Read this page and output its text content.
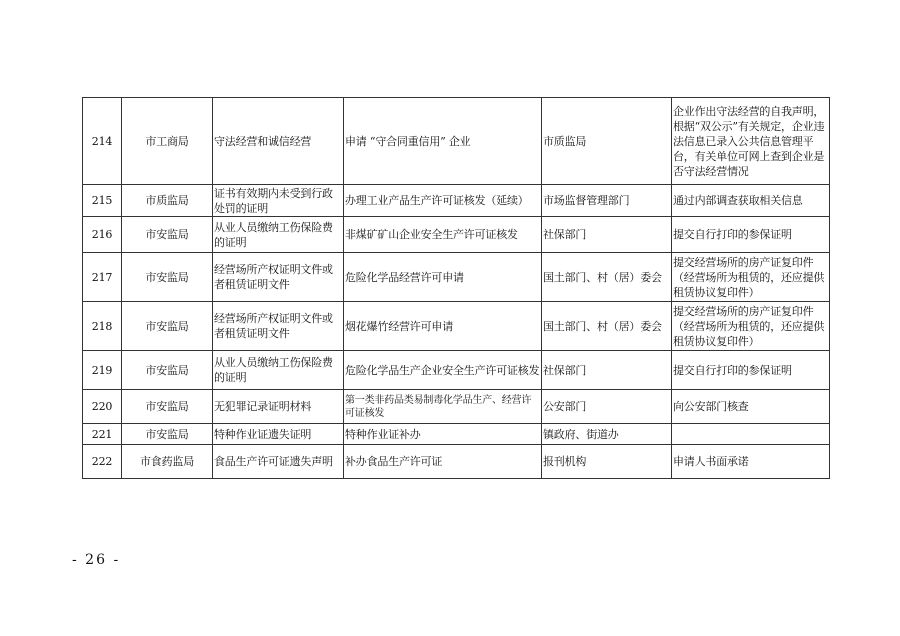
214	市工商局	守法经营和诚信经营	申请 “守合同重信用” 企业	市质监局	企业作出守法经营的自我声明，根据“双公示”有关规定，企业违法信息已录入公共信息管理平台，有关单位可网上查到企业是否守法经营情况
215	市质监局	证书有效期内未受到行政处罚的证明	办理工业产品生产许可证核发（延续）	市场监督管理部门	通过内部调查获取相关信息
216	市安监局	从业人员缴纳工伤保险费的证明	非煤矿矿山企业安全生产许可证核发	社保部门	提交自行打印的参保证明
217	市安监局	经营场所产权证明文件或者租赁证明文件	危险化学品经营许可申请	国土部门、村（居）委会	提交经营场所的房产证复印件（经营场所为租赁的，还应提供租赁协议复印件）
218	市安监局	经营场所产权证明文件或者租赁证明文件	烟花爆竹经营许可申请	国土部门、村（居）委会	提交经营场所的房产证复印件（经营场所为租赁的，还应提供租赁协议复印件）
219	市安监局	从业人员缴纳工伤保险费的证明	危险化学品生产企业安全生产许可证核发	社保部门	提交自行打印的参保证明
220	市安监局	无犯罪记录证明材料	第一类非药品类易制毒化学品生产、经营许可证核发	公安部门	向公安部门核查
221	市安监局	特种作业证遗失证明	特种作业证补办	镇政府、街道办	
222	市食药监局	食品生产许可证遗失声明	补办食品生产许可证	报刊机构	申请人书面承诺
- 26 -
